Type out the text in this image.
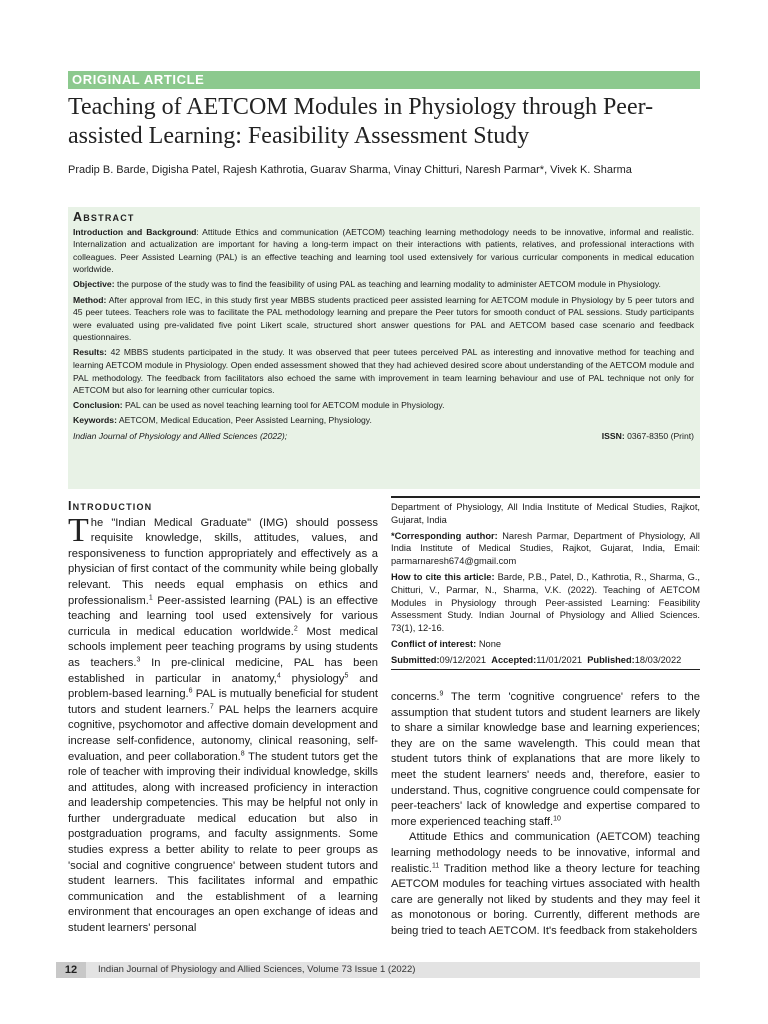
ORIGINAL ARTICLE
Teaching of AETCOM Modules in Physiology through Peer-assisted Learning: Feasibility Assessment Study
Pradip B. Barde, Digisha Patel, Rajesh Kathrotia, Guarav Sharma, Vinay Chitturi, Naresh Parmar*, Vivek K. Sharma
Abstract

Introduction and Background: Attitude Ethics and communication (AETCOM) teaching learning methodology needs to be innovative, informal and realistic. Internalization and actualization are important for having a long-term impact on their interactions with patients, relatives, and professional interactions with colleagues. Peer Assisted Learning (PAL) is an effective teaching and learning tool used extensively for various curricular components in medical education worldwide.

Objective: the purpose of the study was to find the feasibility of using PAL as teaching and learning modality to administer AETCOM module in Physiology.

Method: After approval from IEC, in this study first year MBBS students practiced peer assisted learning for AETCOM module in Physiology by 5 peer tutors and 45 peer tutees. Teachers role was to facilitate the PAL methodology learning and prepare the Peer tutors for smooth conduct of PAL sessions. Study participants were evaluated using pre-validated five point Likert scale, structured short answer questions for PAL and AETCOM based case scenario and feedback questionnaires.

Results: 42 MBBS students participated in the study. It was observed that peer tutees perceived PAL as interesting and innovative method for teaching and learning AETCOM module in Physiology. Open ended assessment showed that they had achieved desired score about understanding of the AETCOM module and PAL methodology. The feedback from facilitators also echoed the same with improvement in team learning behaviour and use of PAL technique not only for AETCOM but also for learning other curricular topics.

Conclusion: PAL can be used as novel teaching learning tool for AETCOM module in Physiology.

Keywords: AETCOM, Medical Education, Peer Assisted Learning, Physiology.

Indian Journal of Physiology and Allied Sciences (2022);	ISSN: 0367-8350 (Print)
Introduction

The "Indian Medical Graduate" (IMG) should possess requisite knowledge, skills, attitudes, values, and responsiveness to function appropriately and effectively as a physician of first contact of the community while being globally relevant. This needs equal emphasis on ethics and professionalism.$^1$ Peer-assisted learning (PAL) is an effective teaching and learning tool used extensively for various curricula in medical education worldwide.$^2$ Most medical schools implement peer teaching programs by using students as teachers.$^3$ In pre-clinical medicine, PAL has been established in particular in anatomy,$^4$ physiology$^5$ and problem-based learning.$^6$ PAL is mutually beneficial for student tutors and student learners.$^7$ PAL helps the learners acquire cognitive, psychomotor and affective domain development and increase self-confidence, autonomy, clinical reasoning, self-evaluation, and peer collaboration.$^8$ The student tutors get the role of teacher with improving their individual knowledge, skills and attitudes, along with increased proficiency in interaction and leadership competencies. This may be helpful not only in further undergraduate medical education but also in postgraduation programs, and faculty assignments. Some studies express a better ability to relate to peer groups as 'social and cognitive congruence' between student tutors and student learners. This facilitates informal and empathic communication and the establishment of a learning environment that encourages an open exchange of ideas and student learners' personal

Department of Physiology, All India Institute of Medical Studies, Rajkot, Gujarat, India

*Corresponding author: Naresh Parmar, Department of Physiology, All India Institute of Medical Studies, Rajkot, Gujarat, India, Email: parmarnaresh674@gmail.com

How to cite this article: Barde, P.B., Patel, D., Kathrotia, R., Sharma, G., Chitturi, V., Parmar, N., Sharma, V.K. (2022). Teaching of AETCOM Modules in Physiology through Peer-assisted Learning: Feasibility Assessment Study. Indian Journal of Physiology and Allied Sciences. 73(1), 12-16.

Conflict of interest: None

Submitted:09/12/2021 Accepted:11/01/2021 Published:18/03/2022

concerns.$^9$ The term 'cognitive congruence' refers to the assumption that student tutors and student learners are likely to share a similar knowledge base and learning experiences; they are on the same wavelength. This could mean that student tutors think of explanations that are more likely to meet the student learners' needs and, therefore, easier to understand. Thus, cognitive congruence could compensate for peer-teachers' lack of knowledge and expertise compared to more experienced teaching staff.$^{10}$

Attitude Ethics and communication (AETCOM) teaching learning methodology needs to be innovative, informal and realistic.$^{11}$ Tradition method like a theory lecture for teaching AETCOM modules for teaching virtues associated with health care are generally not liked by students and they may feel it as monotonous or boring. Currently, different methods are being tried to teach AETCOM. It's feedback from stakeholders

12	Indian Journal of Physiology and Allied Sciences, Volume 73 Issue 1 (2022)
